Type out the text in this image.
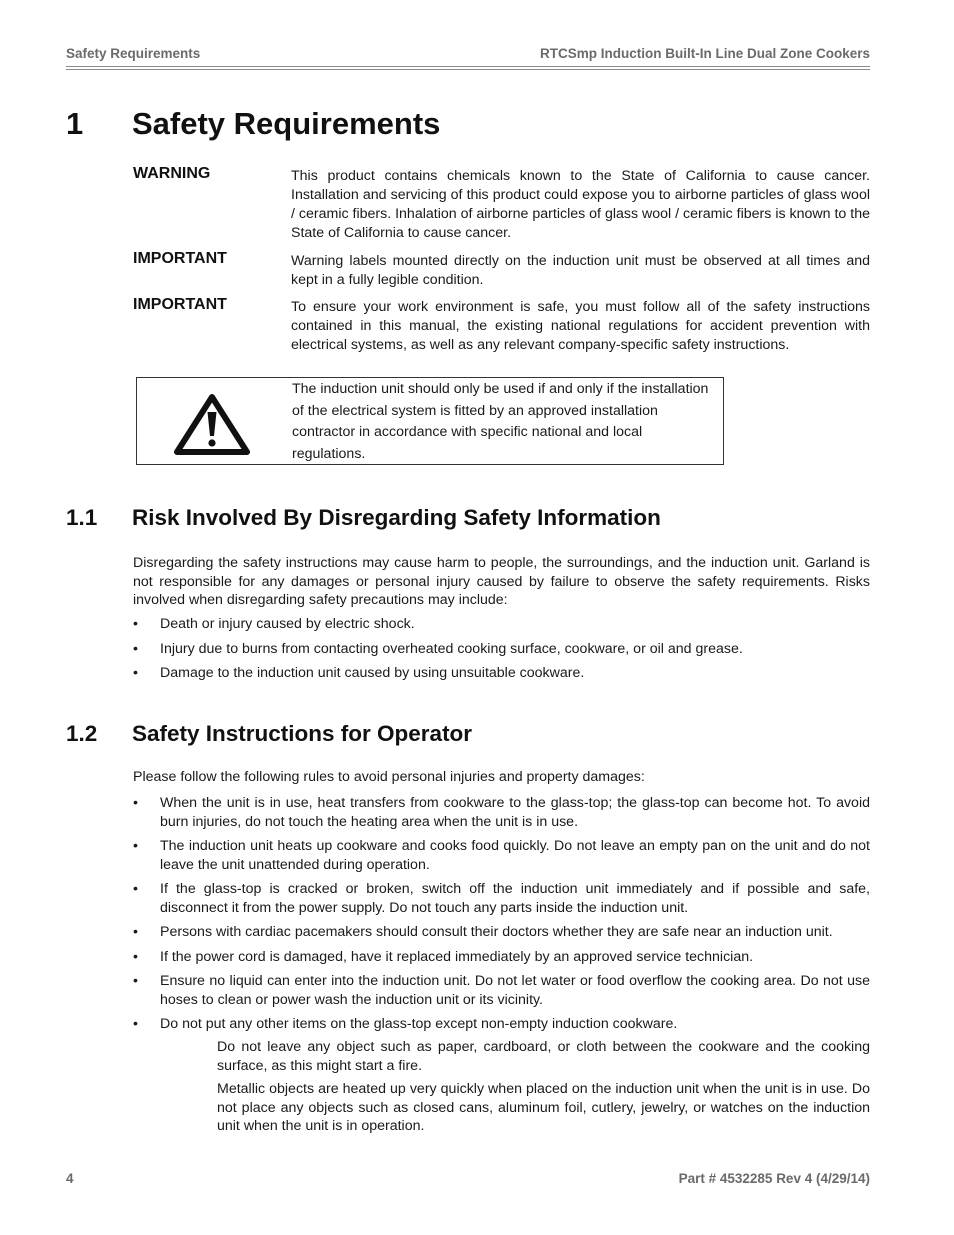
Safety Requirements	RTCSmp Induction Built-In Line Dual Zone Cookers
1 Safety Requirements
WARNING	This product contains chemicals known to the State of California to cause cancer. Installation and servicing of this product could expose you to airborne particles of glass wool / ceramic fibers. Inhalation of airborne particles of glass wool / ceramic fibers is known to the State of California to cause cancer.
IMPORTANT	Warning labels mounted directly on the induction unit must be observed at all times and kept in a fully legible condition.
IMPORTANT	To ensure your work environment is safe, you must follow all of the safety instructions contained in this manual, the existing national regulations for accident prevention with electrical systems, as well as any relevant company-specific safety instructions.
The induction unit should only be used if and only if the installation of the electrical system is fitted by an approved installation contractor in accordance with specific national and local regulations.
1.1 Risk Involved By Disregarding Safety Information
Disregarding the safety instructions may cause harm to people, the surroundings, and the induction unit. Garland is not responsible for any damages or personal injury caused by failure to observe the safety requirements. Risks involved when disregarding safety precautions may include:
• Death or injury caused by electric shock.
• Injury due to burns from contacting overheated cooking surface, cookware, or oil and grease.
• Damage to the induction unit caused by using unsuitable cookware.
1.2 Safety Instructions for Operator
Please follow the following rules to avoid personal injuries and property damages:
• When the unit is in use, heat transfers from cookware to the glass-top; the glass-top can become hot. To avoid burn injuries, do not touch the heating area when the unit is in use.
• The induction unit heats up cookware and cooks food quickly. Do not leave an empty pan on the unit and do not leave the unit unattended during operation.
• If the glass-top is cracked or broken, switch off the induction unit immediately and if possible and safe, disconnect it from the power supply. Do not touch any parts inside the induction unit.
• Persons with cardiac pacemakers should consult their doctors whether they are safe near an induction unit.
• If the power cord is damaged, have it replaced immediately by an approved service technician.
• Ensure no liquid can enter into the induction unit. Do not let water or food overflow the cooking area. Do not use hoses to clean or power wash the induction unit or its vicinity.
• Do not put any other items on the glass-top except non-empty induction cookware.
Do not leave any object such as paper, cardboard, or cloth between the cookware and the cooking surface, as this might start a fire.
Metallic objects are heated up very quickly when placed on the induction unit when the unit is in use. Do not place any objects such as closed cans, aluminum foil, cutlery, jewelry, or watches on the induction unit when the unit is in operation.
4	Part # 4532285 Rev 4 (4/29/14)
